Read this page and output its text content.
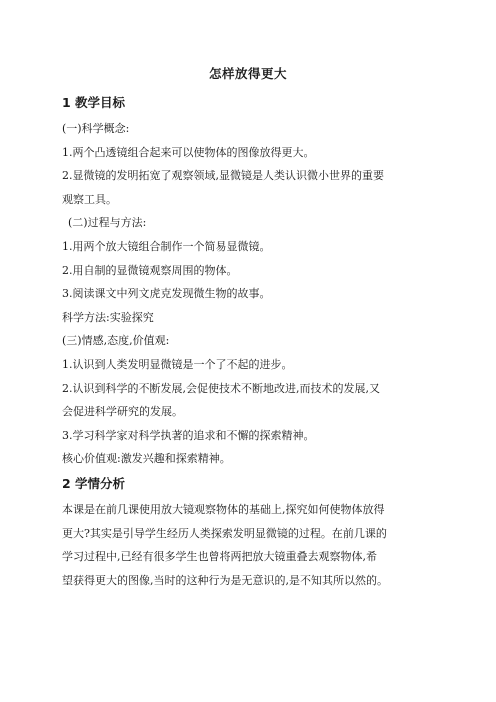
怎样放得更大
1 教学目标

(一)科学概念:

1.两个凸透镜组合起来可以使物体的图像放得更大。

2.显微镜的发明拓宽了观察领域,显微镜是人类认识微小世界的重要

观察工具。

(二)过程与方法:

1.用两个放大镜组合制作一个简易显微镜。

2.用自制的显微镜观察周围的物体。

3.阅读课文中列文虎克发现微生物的故事。

科学方法:实验探究

(三)情感,态度,价值观:

1.认识到人类发明显微镜是一个了不起的进步。

2.认识到科学的不断发展,会促使技术不断地改进,而技术的发展,又

会促进科学研究的发展。

3.学习科学家对科学执著的追求和不懈的探索精神。

核心价值观:激发兴趣和探索精神。

2 学情分析

本课是在前几课使用放大镜观察物体的基础上,探究如何使物体放得

更大?其实是引导学生经历人类探索发明显微镜的过程。在前几课的

学习过程中,已经有很多学生也曾将两把放大镜重叠去观察物体,希

望获得更大的图像,当时的这种行为是无意识的,是不知其所以然的。
